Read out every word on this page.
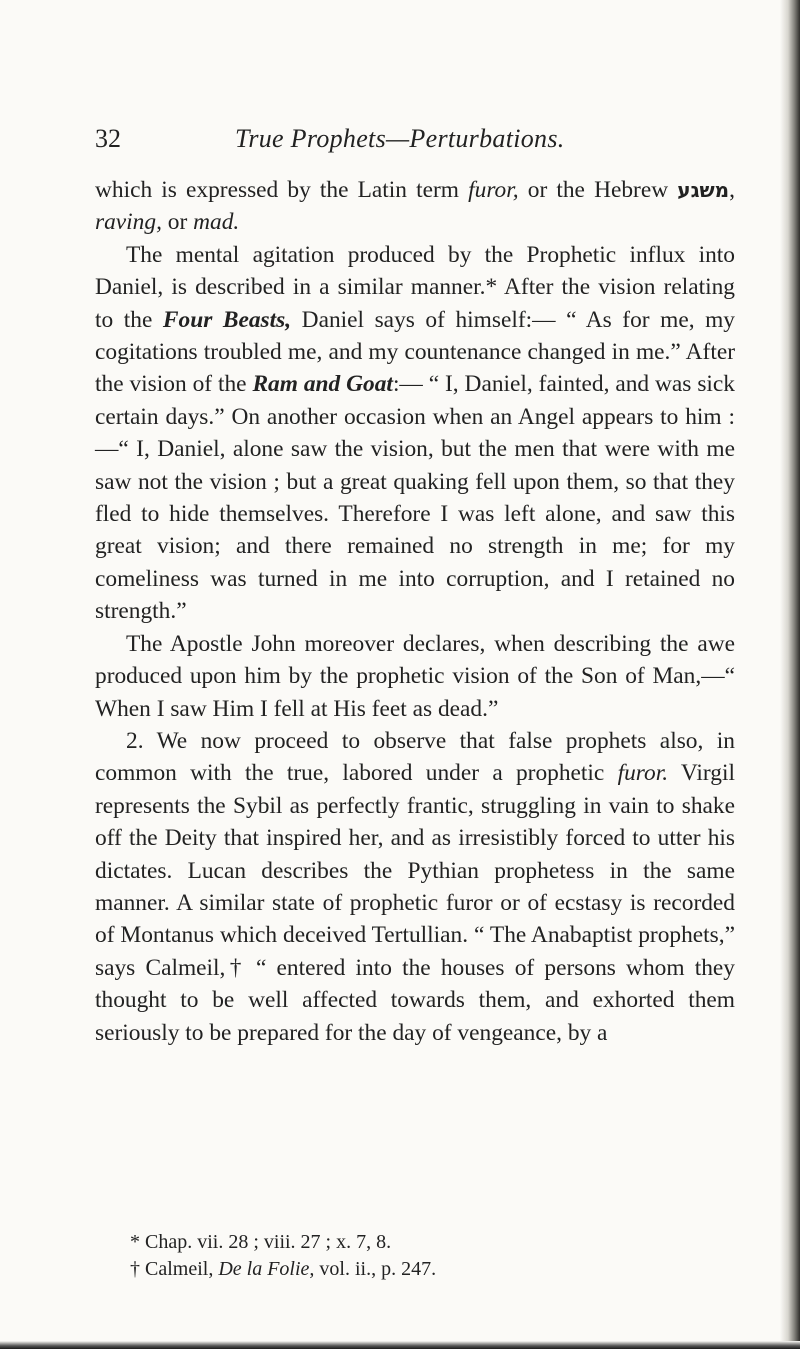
32	True Prophets—Perturbations.

which is expressed by the Latin term furor, or the Hebrew משגע, raving, or mad.

The mental agitation produced by the Prophetic influx into Daniel, is described in a similar manner.* After the vision relating to the Four Beasts, Daniel says of himself:— “ As for me, my cogitations troubled me, and my countenance changed in me.” After the vision of the Ram and Goat:— “ I, Daniel, fainted, and was sick certain days.” On another occasion when an Angel appears to him :—“ I, Daniel, alone saw the vision, but the men that were with me saw not the vision ; but a great quaking fell upon them, so that they fled to hide themselves. Therefore I was left alone, and saw this great vision; and there remained no strength in me; for my comeliness was turned in me into corruption, and I retained no strength.”

The Apostle John moreover declares, when describing the awe produced upon him by the prophetic vision of the Son of Man,—“ When I saw Him I fell at His feet as dead.”

2. We now proceed to observe that false prophets also, in common with the true, labored under a prophetic furor. Virgil represents the Sybil as perfectly frantic, struggling in vain to shake off the Deity that inspired her, and as irresistibly forced to utter his dictates. Lucan describes the Pythian prophetess in the same manner. A similar state of prophetic furor or of ecstasy is recorded of Montanus which deceived Tertullian. “ The Anabaptist prophets,” says Calmeil,† “ entered into the houses of persons whom they thought to be well affected towards them, and exhorted them seriously to be prepared for the day of vengeance, by a

* Chap. vii. 28 ; viii. 27 ; x. 7, 8.

† Calmeil, De la Folie, vol. ii., p. 247.
